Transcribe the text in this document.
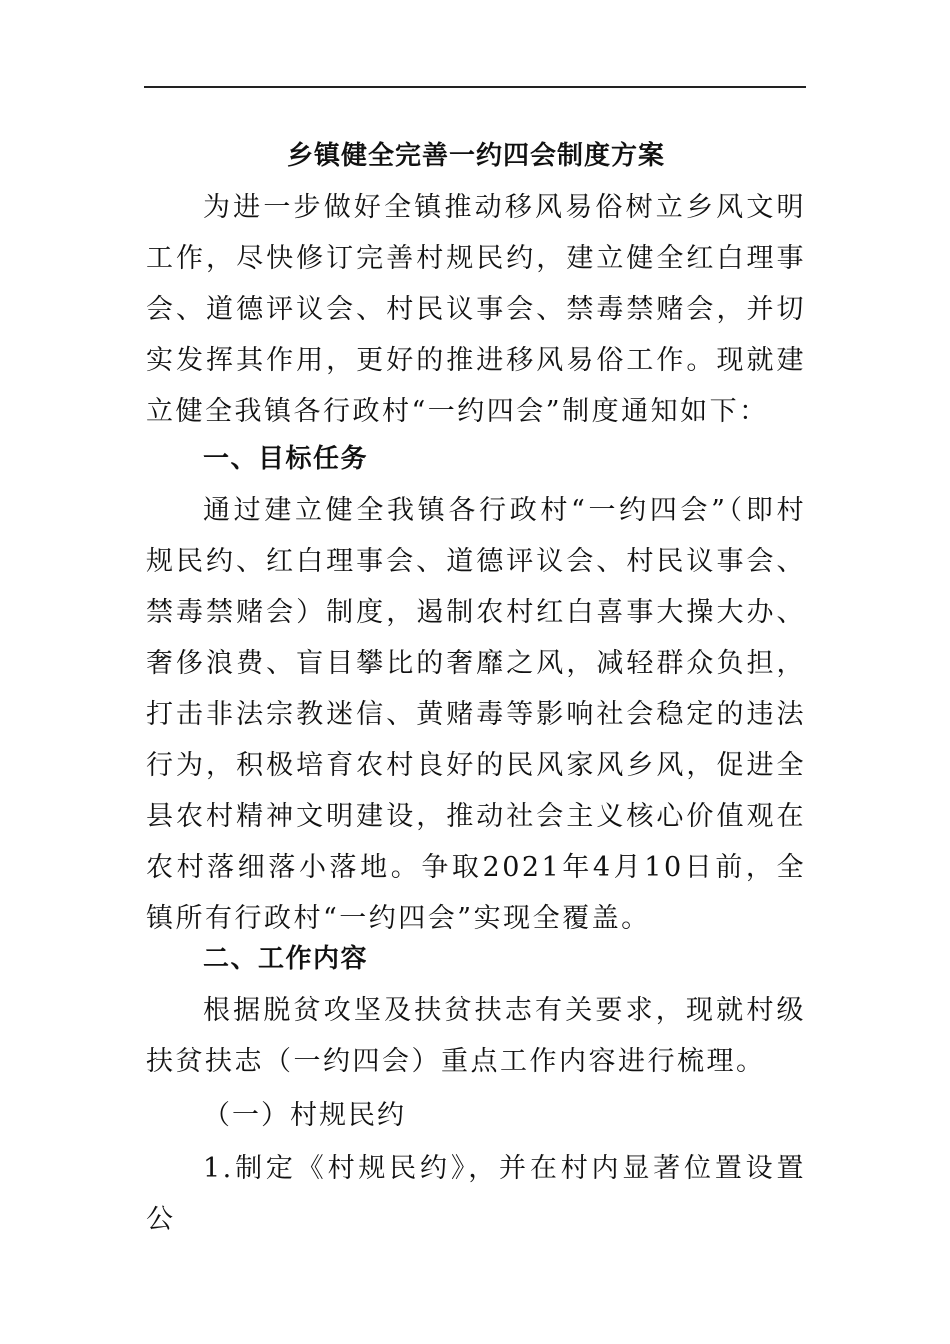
乡镇健全完善一约四会制度方案

为进一步做好全镇推动移风易俗树立乡风文明工作，尽快修订完善村规民约，建立健全红白理事会、道德评议会、村民议事会、禁毒禁赌会，并切实发挥其作用，更好的推进移风易俗工作。现就建立健全我镇各行政村“一约四会”制度通知如下：

一、目标任务

通过建立健全我镇各行政村“一约四会”（即村规民约、红白理事会、道德评议会、村民议事会、禁毒禁赌会）制度，遏制农村红白喜事大操大办、奢侈浪费、盲目攀比的奢靡之风，减轻群众负担，打击非法宗教迷信、黄赌毒等影响社会稳定的违法行为，积极培育农村良好的民风家风乡风，促进全县农村精神文明建设，推动社会主义核心价值观在农村落细落小落地。争取2021年4月10日前，全镇所有行政村“一约四会”实现全覆盖。

二、工作内容

根据脱贫攻坚及扶贫扶志有关要求，现就村级扶贫扶志（一约四会）重点工作内容进行梳理。

（一）村规民约

1.制定《村规民约》，并在村内显著位置设置公
